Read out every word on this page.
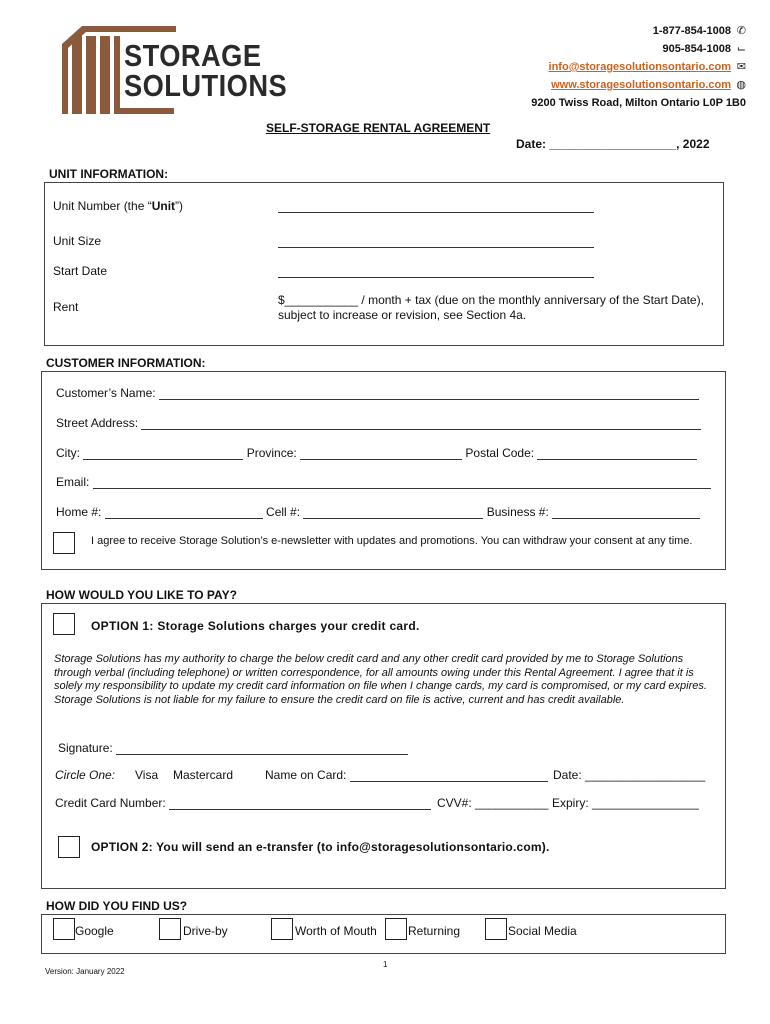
STORAGE
SOLUTIONS
1-877-854-1008 ✆
905-854-1008 ⌙
info@storagesolutionsontario.com ✉
www.storagesolutionsontario.com ◍
9200 Twiss Road, Milton Ontario L0P 1B0
SELF-STORAGE RENTAL AGREEMENT
Date: ___________________, 2022
UNIT INFORMATION:
Unit Number (the “Unit”)
Unit Size
Start Date
Rent	$___________ / month + tax (due on the monthly anniversary of the Start Date), subject to increase or revision, see Section 4a.
CUSTOMER INFORMATION:
Customer’s Name:
Street Address:
City:	Province:	Postal Code:
Email:
Home #:	Cell #:	Business #:
I agree to receive Storage Solution’s e-newsletter with updates and promotions. You can withdraw your consent at any time.
HOW WOULD YOU LIKE TO PAY?
OPTION 1: Storage Solutions charges your credit card.
Storage Solutions has my authority to charge the below credit card and any other credit card provided by me to Storage Solutions through verbal (including telephone) or written correspondence, for all amounts owing under this Rental Agreement. I agree that it is solely my responsibility to update my credit card information on file when I change cards, my card is compromised, or my card expires. Storage Solutions is not liable for my failure to ensure the credit card on file is active, current and has credit available.
Signature:
Circle One: Visa Mastercard	Name on Card:	Date: __________________
Credit Card Number:	CVV#: ___________ Expiry: ________________
OPTION 2: You will send an e-transfer (to info@storagesolutionsontario.com).
HOW DID YOU FIND US?
Google	Drive-by	Worth of Mouth	Returning	Social Media
1
Version: January 2022
